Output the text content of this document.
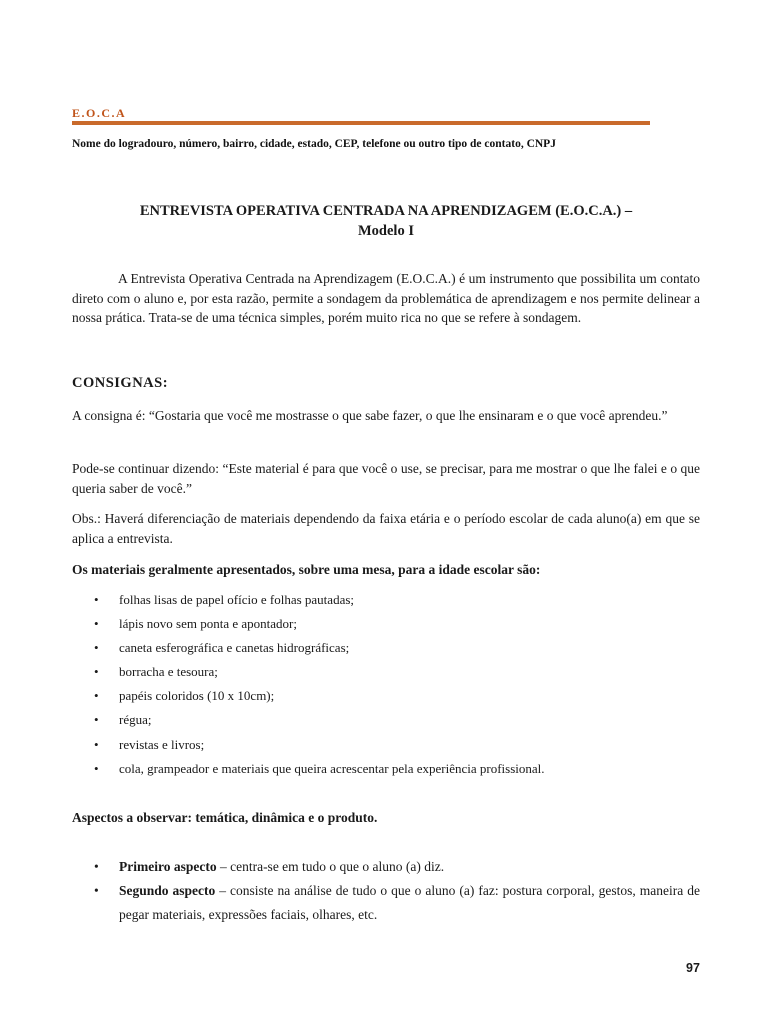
E.O.C.A
Nome do logradouro, número, bairro, cidade, estado, CEP, telefone ou outro tipo de contato, CNPJ
ENTREVISTA OPERATIVA CENTRADA NA APRENDIZAGEM (E.O.C.A.) –
Modelo I
A Entrevista Operativa Centrada na Aprendizagem (E.O.C.A.) é um instrumento que possibilita um contato direto com o aluno e, por esta razão, permite a sondagem da problemática de aprendizagem e nos permite delinear a nossa prática. Trata-se de uma técnica simples, porém muito rica no que se refere à sondagem.
CONSIGNAS:
A consigna é: “Gostaria que você me mostrasse o que sabe fazer, o que lhe ensinaram e o que você aprendeu.”
Pode-se continuar dizendo: “Este material é para que você o use, se precisar, para me mostrar o que lhe falei e o que queria saber de você.”
Obs.: Haverá diferenciação de materiais dependendo da faixa etária e o período escolar de cada aluno(a) em que se aplica a entrevista.
Os materiais geralmente apresentados, sobre uma mesa, para a idade escolar são:
• folhas lisas de papel ofício e folhas pautadas;
• lápis novo sem ponta e apontador;
• caneta esferográfica e canetas hidrográficas;
• borracha e tesoura;
• papéis coloridos (10 x 10cm);
• régua;
• revistas e livros;
• cola, grampeador e materiais que queira acrescentar pela experiência profissional.
Aspectos a observar: temática, dinâmica e o produto.
• Primeiro aspecto – centra-se em tudo o que o aluno (a) diz.
• Segundo aspecto – consiste na análise de tudo o que o aluno (a) faz: postura corporal, gestos, maneira de pegar materiais, expressões faciais, olhares, etc.
97
